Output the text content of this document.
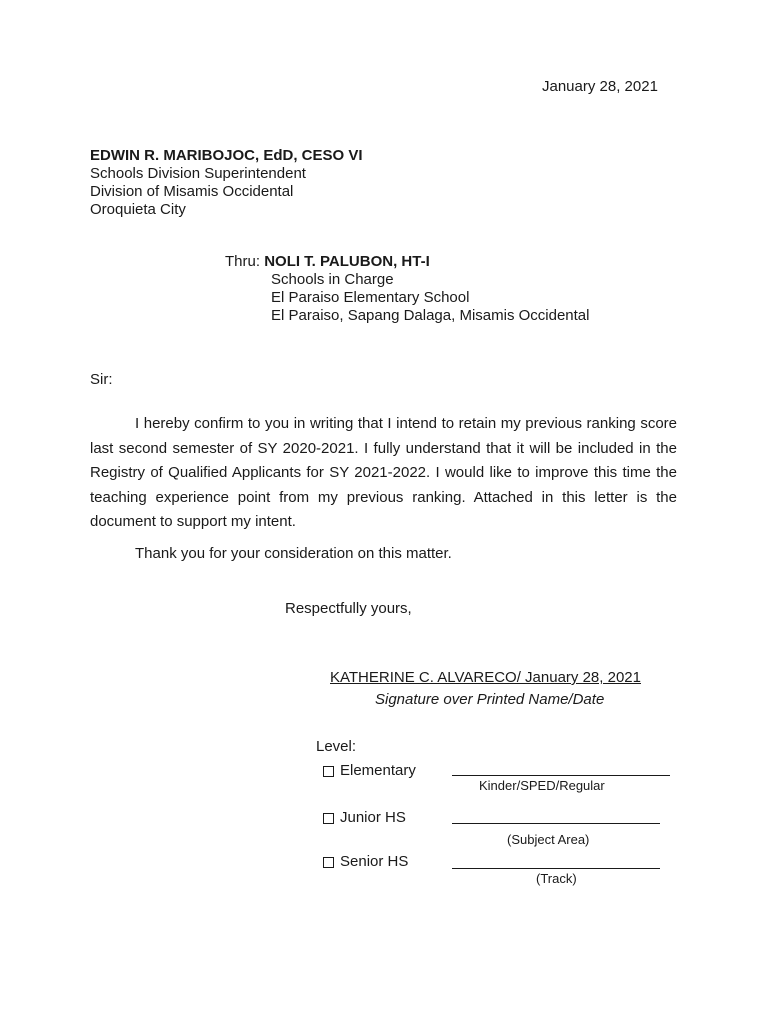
January 28, 2021
EDWIN R. MARIBOJOC, EdD, CESO VI
Schools Division Superintendent
Division of Misamis Occidental
Oroquieta City
Thru: NOLI T. PALUBON, HT-I
Schools in Charge
El Paraiso Elementary School
El Paraiso, Sapang Dalaga, Misamis Occidental
Sir:

I hereby confirm to you in writing that I intend to retain my previous ranking score last second semester of SY 2020-2021. I fully understand that it will be included in the Registry of Qualified Applicants for SY 2021-2022. I would like to improve this time the teaching experience point from my previous ranking. Attached in this letter is the document to support my intent.

Thank you for your consideration on this matter.
Respectfully yours,
KATHERINE C. ALVARECO/ January 28, 2021
Signature over Printed Name/Date
Level:
Elementary
Kinder/SPED/Regular
Junior HS
(Subject Area)
Senior HS
(Track)
